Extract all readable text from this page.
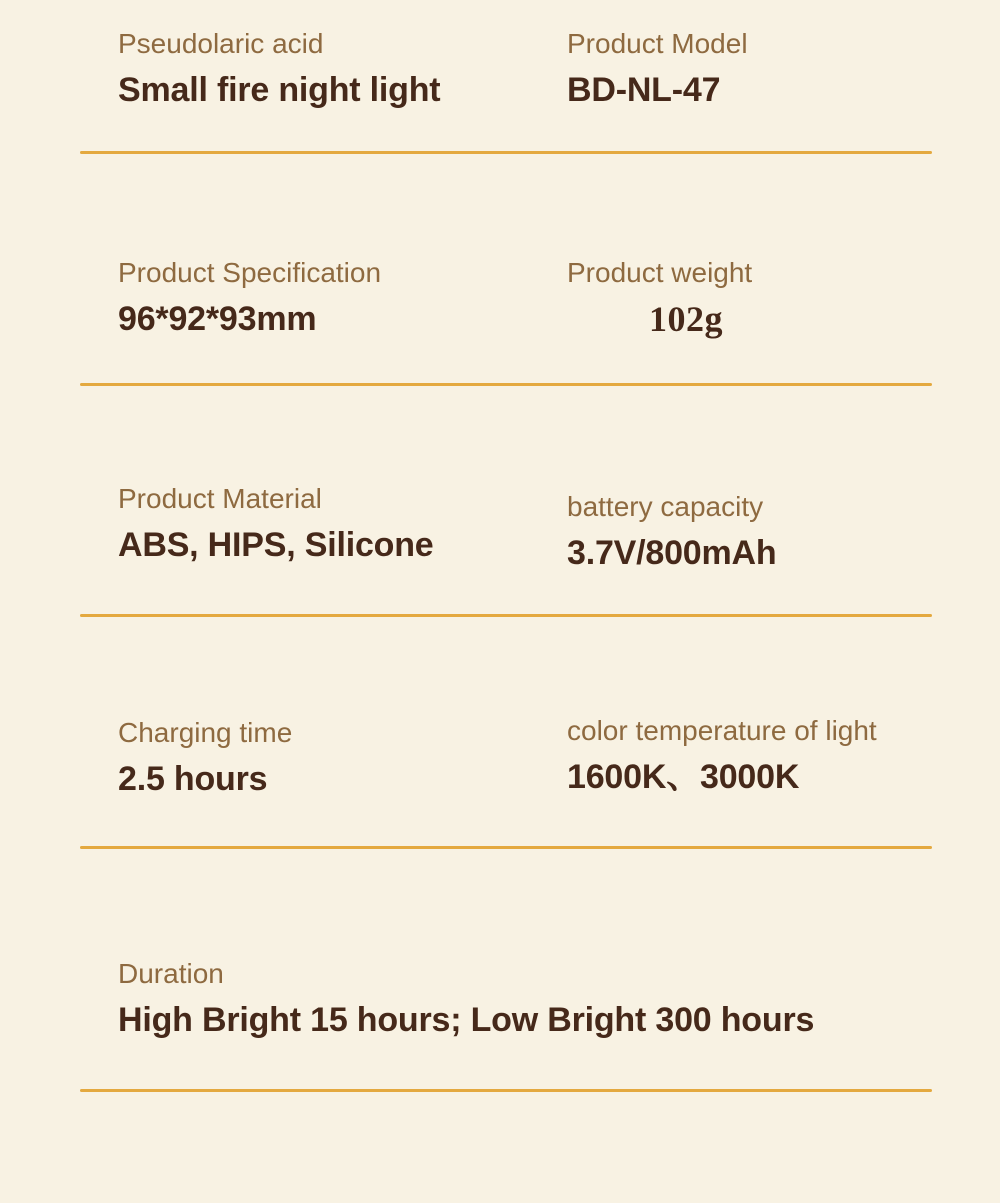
Pseudolaric acid
Small fire night light
Product Model
BD-NL-47
Product Specification
96*92*93mm
Product weight
102g
Product Material
ABS, HIPS, Silicone
battery capacity
3.7V/800mAh
Charging time
2.5 hours
color temperature of light
1600K、3000K
Duration
High Bright 15 hours; Low Bright 300 hours
